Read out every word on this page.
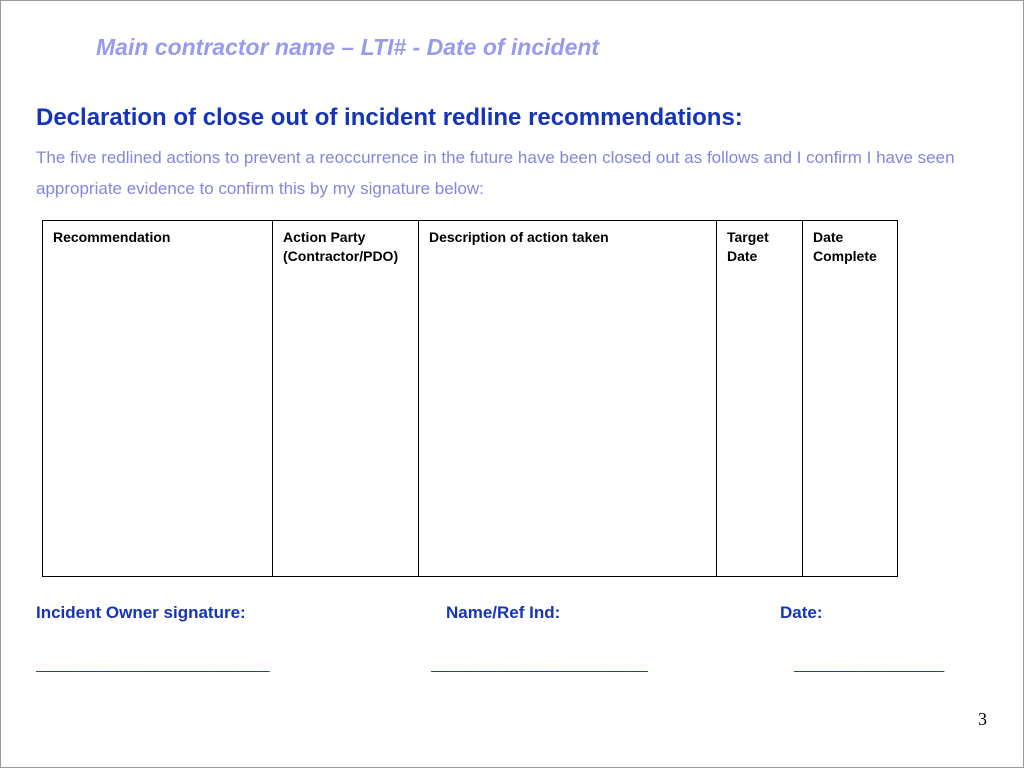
Main contractor name – LTI# - Date of incident
Declaration of close out of incident redline recommendations:
The five redlined actions to prevent a reoccurrence in the future have been closed out as follows and I confirm I have seen appropriate evidence to confirm this by my signature below:
Recommendation	Action Party (Contractor/PDO)	Description of action taken	Target Date	Date Complete
Incident Owner signature:	Name/Ref Ind:	Date:
____________________________	__________________________	__________________
3
